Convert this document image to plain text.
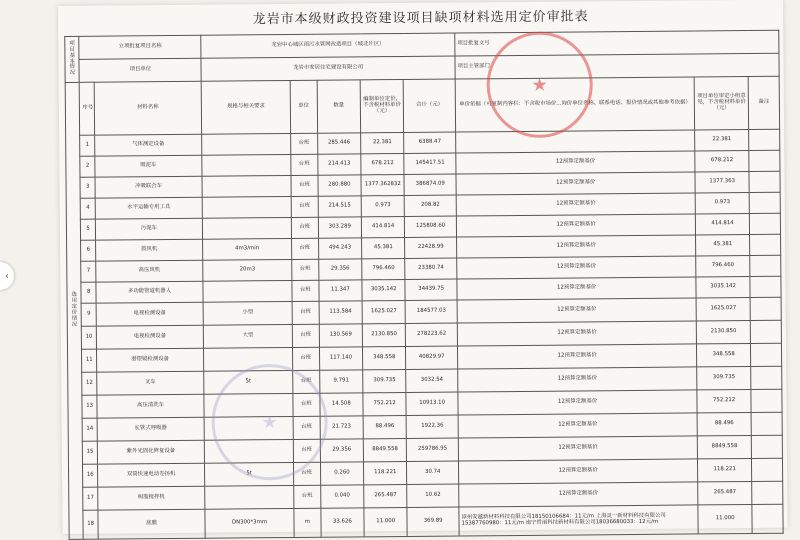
‹
龙岩市本级财政投资建设项目缺项材料选用定价审批表
项目基本情况	立项批复项目名称		龙岩中心城区雨污水管网改造项目（城北片区）					项目批复文号		
	项目单位		龙岩市安居住宅建设有限公司					项目主管部门		
选用定价情况	序号	材料名称	规格与相关要求	单位	数量	编制单位定价，不含税材料单价（元）	合计（元）	单价依据（可复制内容栏：不含税市场价...询价单位名称、联系电话、报价情况或其他参考依据）	项目单位审定小组意见，不含税材料单价（元）	备注
	1	气体测定设备		台班	285.446	22.381	6388.47		22.381	
	2	吸泥车		台班	214.413	678.212	145417.51	12预算定额基价	678.212	
	3	冲吸联合车		台班	280.880	1377.362832	386874.09	12预算定额基价	1377.363	
	4	水平运输专用工具		台班	214.515	0.973	208.82	12预算定额基价	0.973	
	5	污泥车		台班	303.289	414.814	125808.60	12预算定额基价	414.814	
	6	鼓风机	4m3/min	台班	494.243	45.381	22428.99	12预算定额基价	45.381	
	7	高压风机	20m3	台班	29.356	796.460	23380.74	12预算定额基价	796.460	
	8	多功能管道机器人		台班	11.347	3035.142	34439.75	12预算定额基价	3035.142	
	9	电视检测设备	小型	台班	113.584	1625.027	184577.03	12预算定额基价	1625.027	
	10	电视检测设备	大型	台班	130.569	2130.850	278223.62	12预算定额基价	2130.850	
	11	潜望镜检测设备		台班	117.140	348.558	40829.97	12预算定额基价	348.558	
	12	叉车	5t	台班	9.791	309.735	3032.54	12预算定额基价	309.735	
	13	高压清洗车		台班	14.508	752.212	10913.10	12预算定额基价	752.212	
	14	长管式呼吸器		台班	21.723	88.496	1922.36	12预算定额基价	88.496	
	15	紫外光固化修复设备		台班	29.356	8849.558	259786.95	12预算定额基价	8849.558	
	16	双筒快速电动卷扬机	5t	台班	0.260	118.221	30.74	12预算定额基价	118.221	
	17	树脂搅拌机		台班	0.040	265.487	10.62	12预算定额基价	265.487	
	18	底膜	DN300*3mm	m	33.626	11.000	369.89	漳州安越新材料科技有限公司18150106684：11元/m 上海灵一新材料科技有限公司15387760980：11元/m 南宁哲丽科技新材料有限公司18036680033：12元/m	11.000	
★
★
